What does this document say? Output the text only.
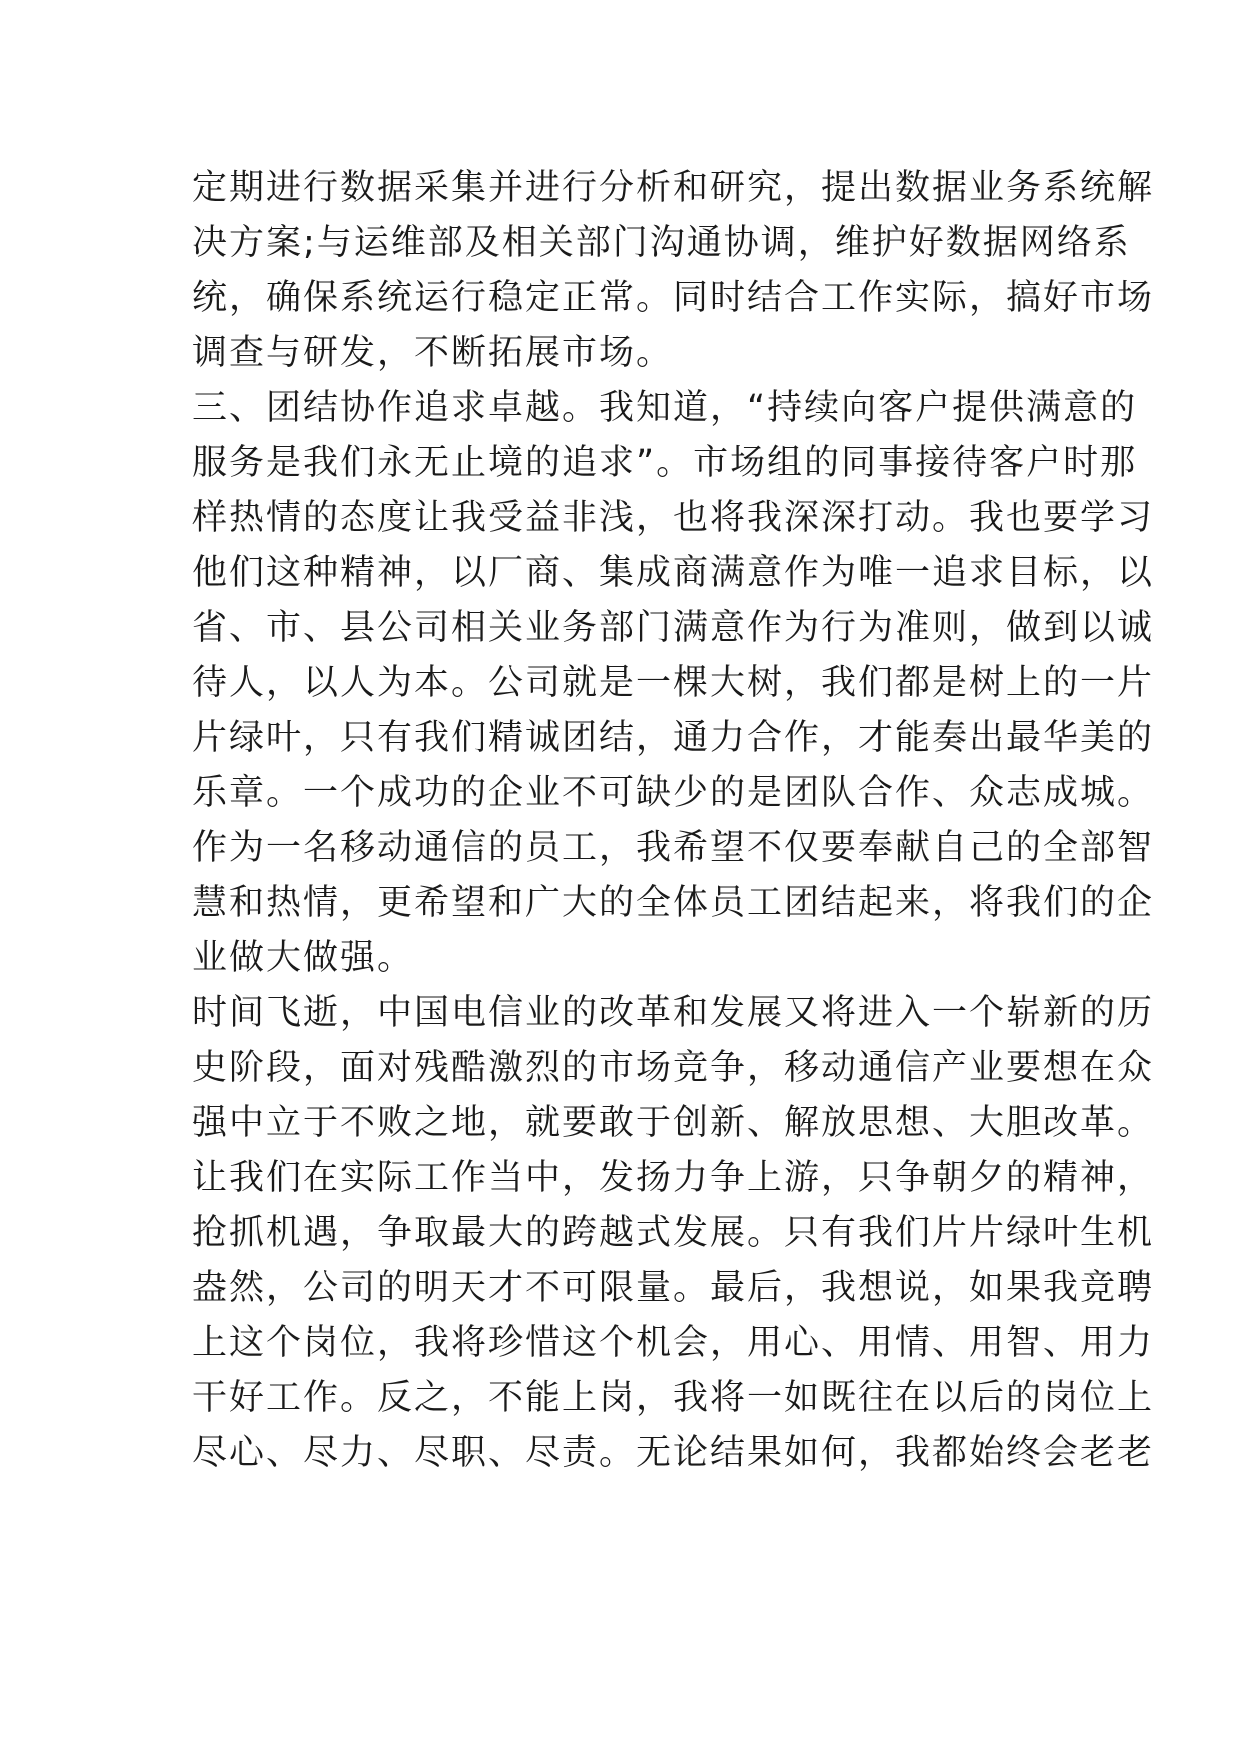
定期进行数据采集并进行分析和研究，提出数据业务系统解
决方案;与运维部及相关部门沟通协调，维护好数据网络系
统，确保系统运行稳定正常。同时结合工作实际，搞好市场
调查与研发，不断拓展市场。
三、团结协作追求卓越。我知道，“持续向客户提供满意的
服务是我们永无止境的追求”。市场组的同事接待客户时那
样热情的态度让我受益非浅，也将我深深打动。我也要学习
他们这种精神，以厂商、集成商满意作为唯一追求目标，以
省、市、县公司相关业务部门满意作为行为准则，做到以诚
待人，以人为本。公司就是一棵大树，我们都是树上的一片
片绿叶，只有我们精诚团结，通力合作，才能奏出最华美的
乐章。一个成功的企业不可缺少的是团队合作、众志成城。
作为一名移动通信的员工，我希望不仅要奉献自己的全部智
慧和热情，更希望和广大的全体员工团结起来，将我们的企
业做大做强。
时间飞逝，中国电信业的改革和发展又将进入一个崭新的历
史阶段，面对残酷激烈的市场竞争，移动通信产业要想在众
强中立于不败之地，就要敢于创新、解放思想、大胆改革。
让我们在实际工作当中，发扬力争上游，只争朝夕的精神，
抢抓机遇，争取最大的跨越式发展。只有我们片片绿叶生机
盎然，公司的明天才不可限量。最后，我想说，如果我竞聘
上这个岗位，我将珍惜这个机会，用心、用情、用智、用力
干好工作。反之，不能上岗，我将一如既往在以后的岗位上
尽心、尽力、尽职、尽责。无论结果如何，我都始终会老老
